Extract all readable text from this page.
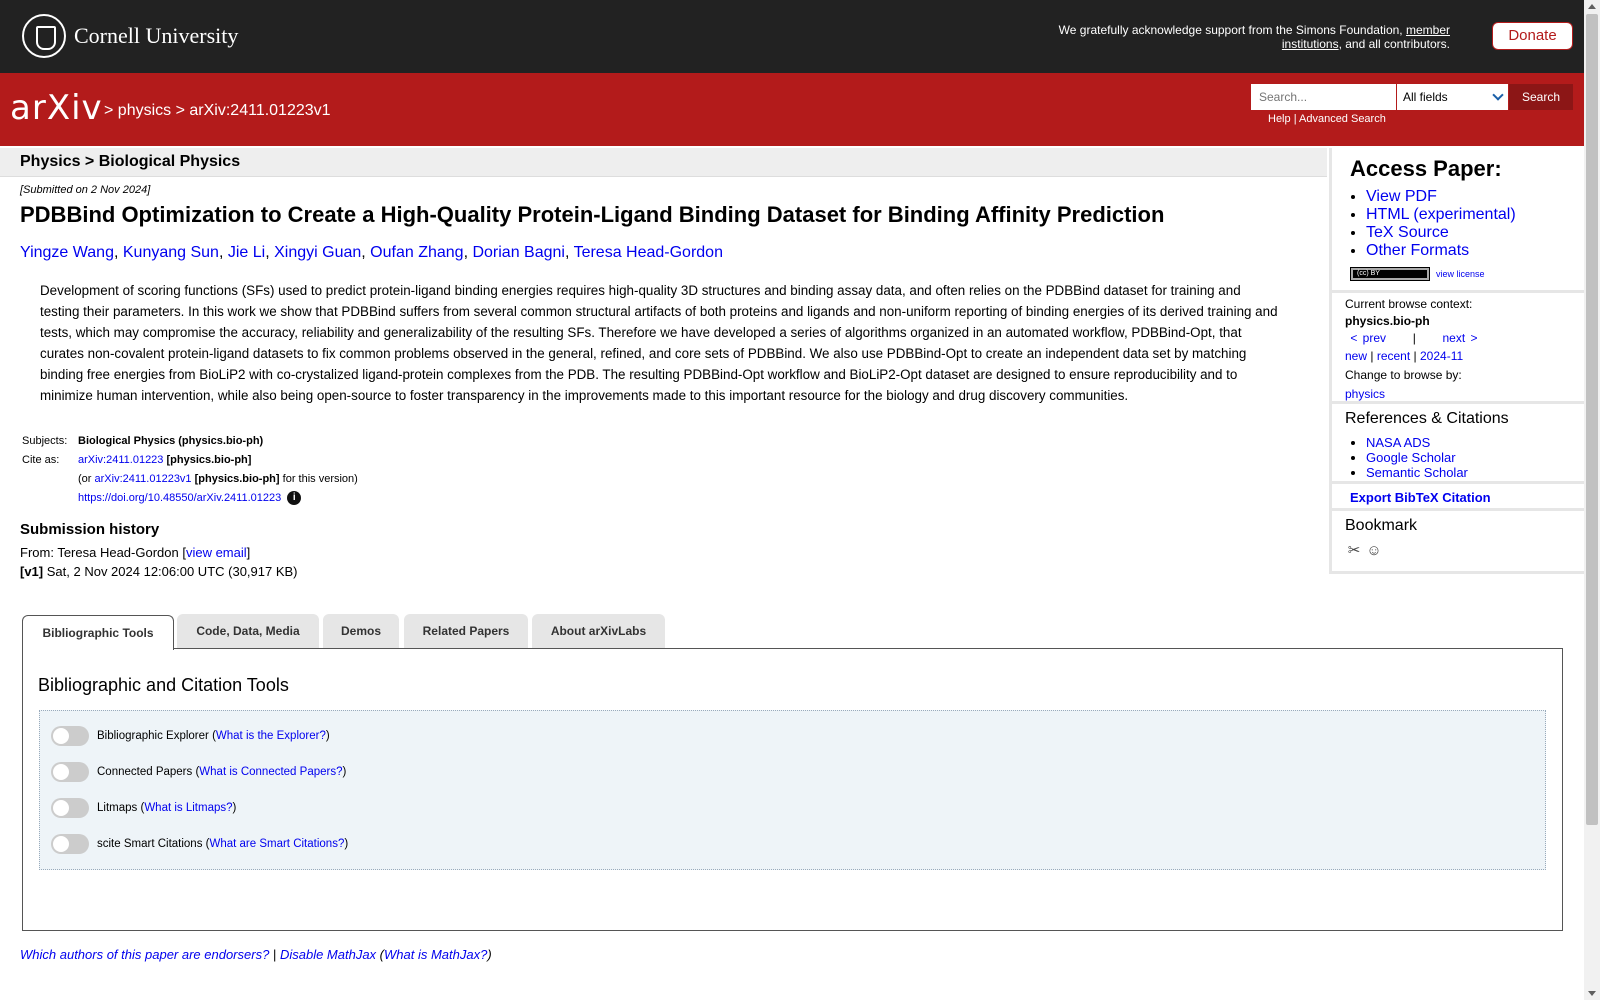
Cornell University	We gratefully acknowledge support from the Simons Foundation, member institutions, and all contributors.	Donate
arXiv > physics > arXiv:2411.01223v1
Search...
All fields	Search
Help | Advanced Search
Physics > Biological Physics
[Submitted on 2 Nov 2024]
PDBBind Optimization to Create a High-Quality Protein-Ligand Binding Dataset for Binding Affinity Prediction
Yingze Wang, Kunyang Sun, Jie Li, Xingyi Guan, Oufan Zhang, Dorian Bagni, Teresa Head-Gordon
Development of scoring functions (SFs) used to predict protein-ligand binding energies requires high-quality 3D structures and binding assay data, and often relies on the PDBBind dataset for training and testing their parameters. In this work we show that PDBBind suffers from several common structural artifacts of both proteins and ligands and non-uniform reporting of binding energies of its derived training and tests, which may compromise the accuracy, reliability and generalizability of the resulting SFs. Therefore we have developed a series of algorithms organized in an automated workflow, PDBBind-Opt, that curates non-covalent protein-ligand datasets to fix common problems observed in the general, refined, and core sets of PDBBind. We also use PDBBind-Opt to create an independent data set by matching binding free energies from BioLiP2 with co-crystalized ligand-protein complexes from the PDB. The resulting PDBBind-Opt workflow and BioLiP2-Opt dataset are designed to ensure reproducibility and to minimize human intervention, while also being open-source to foster transparency in the improvements made to this important resource for the biology and drug discovery communities.
Subjects: Biological Physics (physics.bio-ph)
Cite as:	arXiv:2411.01223
[physics.bio-ph]
(or
arXiv:2411.01223v1
[physics.bio-ph]
for this version)
https://doi.org/10.48550/arXiv.2411.01223	i
Submission history
From: Teresa Head-Gordon [view email]
[v1] Sat, 2 Nov 2024 12:06:00 UTC (30,917 KB)
Access Paper:
• View PDF
• HTML (experimental)
• TeX Source
• Other Formats
(cc) BY	view license
Current browse context:
physics.bio-ph
< prev | next >
new | recent | 2024-11
Change to browse by:
physics
References & Citations
• NASA ADS
• Google Scholar
• Semantic Scholar
Export BibTeX Citation
Bookmark
✂ ☺
Bibliographic Tools	Code, Data, Media	Demos	Related Papers	About arXivLabs
Bibliographic and Citation Tools
Bibliographic Explorer ( What is the Explorer? )
Connected Papers ( What is Connected Papers? )
Litmaps ( What is Litmaps? )
scite Smart Citations ( What are Smart Citations? )
Which authors of this paper are endorsers? | Disable MathJax (What is MathJax?)
